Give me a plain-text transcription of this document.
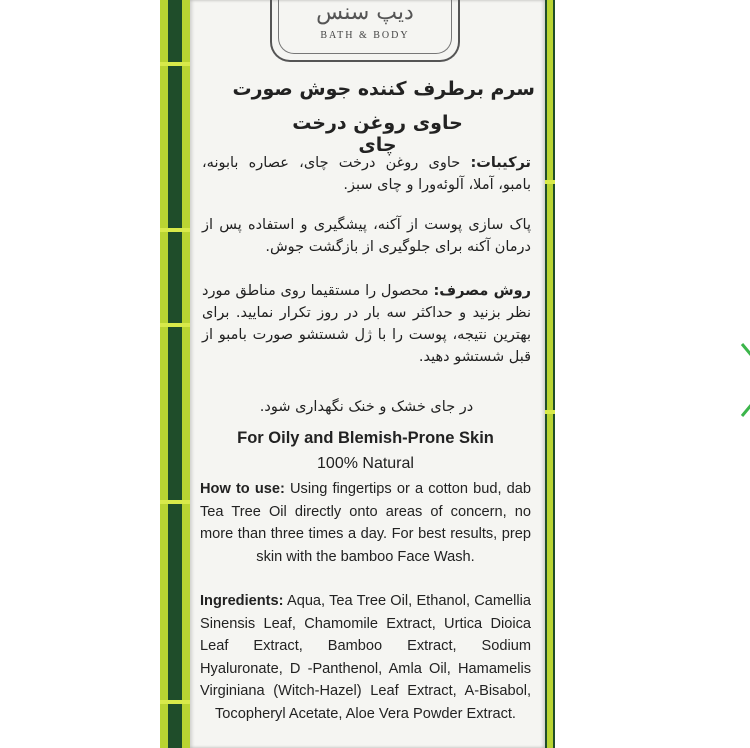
دیپ سنس
BATH & BODY
سرم برطرف کننده جوش صورت
حاوی روغن درخت چای
ترکیبات: حاوی روغن درخت چای، عصاره بابونه، بامبو، آملا، آلوئه‌ورا و چای سبز.
پاک سازی پوست از آکنه، پیشگیری و استفاده پس از درمان آکنه برای جلوگیری از بازگشت جوش.
روش مصرف: محصول را مستقیما روی مناطق مورد نظر بزنید و حداکثر سه بار در روز تکرار نمایید. برای بهترین نتیجه، پوست را با ژل شستشو صورت بامبو از قبل شستشو دهید.
در جای خشک و خنک نگهداری شود.
For Oily and Blemish-Prone Skin
100% Natural
How to use: Using fingertips or a cotton bud, dab Tea Tree Oil directly onto areas of concern, no more than three times a day. For best results, prep skin with the bamboo Face Wash.
Ingredients: Aqua, Tea Tree Oil, Ethanol, Camellia Sinensis Leaf, Chamomile Extract, Urtica Dioica Leaf Extract, Bamboo Extract, Sodium Hyaluronate, D -Panthenol, Amla Oil, Hamamelis Virginiana (Witch-Hazel) Leaf Extract, A-Bisabol, Tocopheryl Acetate, Aloe Vera Powder Extract.
